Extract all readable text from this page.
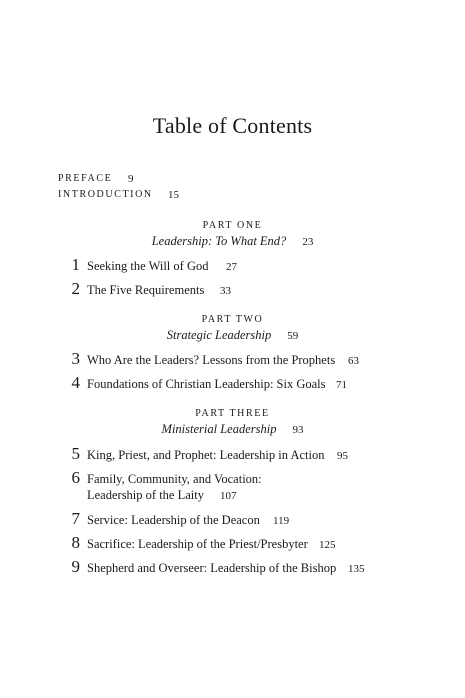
Table of Contents
PREFACE 9
INTRODUCTION 15
PART ONE
Leadership: To What End? 23
1 Seeking the Will of God 27
2 The Five Requirements 33
PART TWO
Strategic Leadership 59
3 Who Are the Leaders? Lessons from the Prophets 63
4 Foundations of Christian Leadership: Six Goals 71
PART THREE
Ministerial Leadership 93
5 King, Priest, and Prophet: Leadership in Action 95
6 Family, Community, and Vocation:
Leadership of the Laity 107
7 Service: Leadership of the Deacon 119
8 Sacrifice: Leadership of the Priest/Presbyter 125
9 Shepherd and Overseer: Leadership of the Bishop 135
